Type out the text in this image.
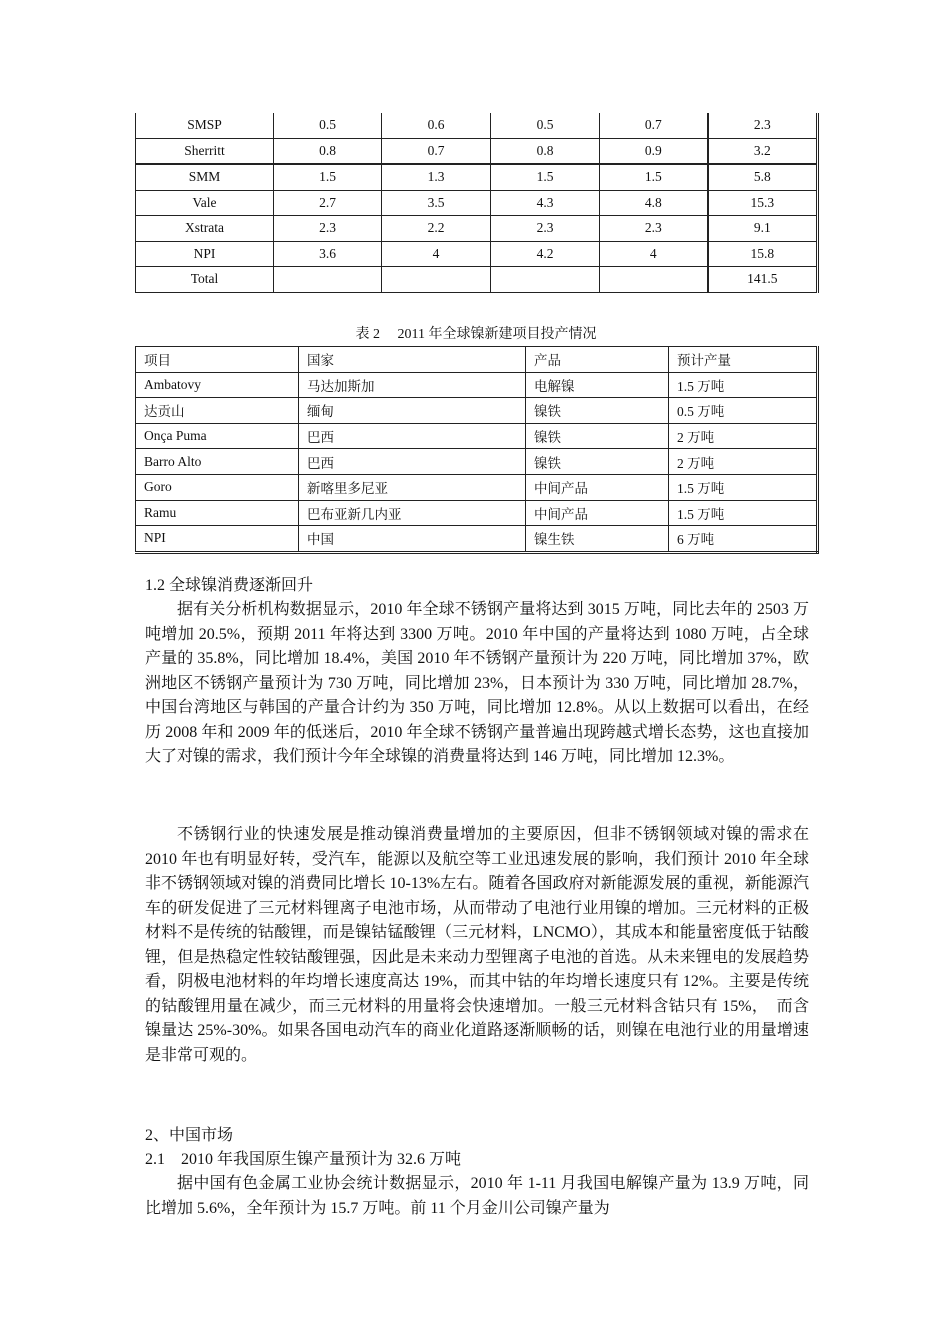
SMSP	0.5	0.6	0.5	0.7	2.3
Sherritt	0.8	0.7	0.8	0.9	3.2
SMM	1.5	1.3	1.5	1.5	5.8
Vale	2.7	3.5	4.3	4.8	15.3
Xstrata	2.3	2.2	2.3	2.3	9.1
NPI	3.6	4	4.2	4	15.8
Total					141.5
表 2　 2011 年全球镍新建项目投产情况
项目	国家	产品	预计产量
Ambatovy	马达加斯加	电解镍	1.5 万吨
达贡山	缅甸	镍铁	0.5 万吨
Onça Puma	巴西	镍铁	2 万吨
Barro Alto	巴西	镍铁	2 万吨
Goro	新喀里多尼亚	中间产品	1.5 万吨
Ramu	巴布亚新几内亚	中间产品	1.5 万吨
NPI	中国	镍生铁	6 万吨
1.2 全球镍消费逐渐回升

据有关分析机构数据显示，2010 年全球不锈钢产量将达到 3015 万吨，同比去年的 2503 万吨增加 20.5%，预期 2011 年将达到 3300 万吨。2010 年中国的产量将达到 1080 万吨，占全球产量的 35.8%，同比增加 18.4%，美国 2010 年不锈钢产量预计为 220 万吨，同比增加 37%，欧洲地区不锈钢产量预计为 730 万吨，同比增加 23%，日本预计为 330 万吨，同比增加 28.7%，中国台湾地区与韩国的产量合计约为 350 万吨，同比增加 12.8%。从以上数据可以看出，在经历 2008 年和 2009 年的低迷后，2010 年全球不锈钢产量普遍出现跨越式增长态势，这也直接加大了对镍的需求，我们预计今年全球镍的消费量将达到 146 万吨，同比增加 12.3%。

不锈钢行业的快速发展是推动镍消费量增加的主要原因，但非不锈钢领域对镍的需求在 2010 年也有明显好转，受汽车，能源以及航空等工业迅速发展的影响，我们预计 2010 年全球非不锈钢领域对镍的消费同比增长 10-13%左右。随着各国政府对新能源发展的重视，新能源汽车的研发促进了三元材料锂离子电池市场，从而带动了电池行业用镍的增加。三元材料的正极材料不是传统的钴酸锂，而是镍钴锰酸锂（三元材料，LNCMO），其成本和能量密度低于钴酸锂，但是热稳定性较钴酸锂强，因此是未来动力型锂离子电池的首选。从未来锂电的发展趋势看，阴极电池材料的年均增长速度高达 19%，而其中钴的年均增长速度只有 12%。主要是传统的钴酸锂用量在减少，而三元材料的用量将会快速增加。一般三元材料含钴只有 15%，　而含镍量达 25%-30%。如果各国电动汽车的商业化道路逐渐顺畅的话，则镍在电池行业的用量增速是非常可观的。

2、中国市场
2.1　2010 年我国原生镍产量预计为 32.6 万吨

据中国有色金属工业协会统计数据显示，2010 年 1-11 月我国电解镍产量为 13.9 万吨，同比增加 5.6%，全年预计为 15.7 万吨。前 11 个月金川公司镍产量为
